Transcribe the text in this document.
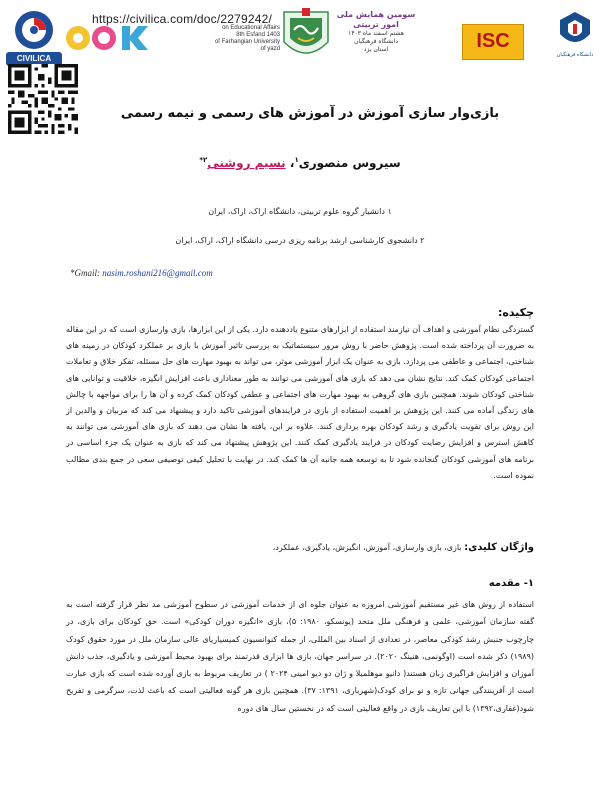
CIVILICA
https://civilica.com/doc/2279242/
on Educational Affairs
8th Esfand 1403
of Farhangian University
of yazd
سومین همایش ملی
امور تربیتی
هشتم اسفند ماه ۱۴۰۳
دانشگاه فرهنگیان
استان یزد	ISC
دانشگاه فرهنگیان
بازی‌وار سازی آموزش در آموزش های رسمی و نیمه رسمی
سیروس منصوری$^۱$، نسیم روشنی$^{۲*}$
۱ دانشیار گروه علوم تربیتی، دانشگاه اراک، اراک، ایران
۲ دانشجوی کارشناسی ارشد برنامه ریزی درسی دانشگاه اراک، اراک، ایران
*Gmail: nasim.roshani216@gmail.com
چکیده:
گستردگی نظام آموزشی و اهداف آن نیازمند استفاده از ابزارهای متنوع یاددهنده دارد. یکی از این ابزارها، بازی وارسازی است که در این مقاله به ضرورت آن پرداخته شده است. پژوهش حاضر با روش مرور سیستماتیک به بررسی تاثیر آموزش با بازی بر عملکرد کودکان در زمینه های شناختی، اجتماعی و عاطفی می پردازد. بازی به عنوان یک ابزار آموزشی موثر، می تواند به بهبود مهارت های حل مسئله، تفکر خلاق و تعاملات اجتماعی کودکان کمک کند. نتایج نشان می دهد که بازی های آموزشی می توانند به طور معناداری باعث افزایش انگیزه، خلاقیت و توانایی های شناختی کودکان شوند. همچنین بازی های گروهی به بهبود مهارت های اجتماعی و عطفی کودکان کمک کرده و آن ها را برای مواجهه با چالش های زندگی آماده می کنند. این پژوهش بر اهمیت استفاده از بازی در فرایندهای آموزشی تاکید دارد و پیشنهاد می کند که مربیان و والدین از این روش برای تقویت یادگیری و رشد کودکان بهره برداری کنند. علاوه بر این، یافته ها نشان می دهند که بازی های آموزشی می توانند به کاهش استرس و افزایش رضایت کودکان در فرایند یادگیری کمک کنند. این پژوهش پیشنهاد می کند که بازی به عنوان یک جزء اساسی در برنامه های آموزشی کودکان گنجانده شود تا به توسعه همه جانبه آن ها کمک کند. در نهایت با تحلیل کیفی توصیفی سعی در جمع بندی مطالب نموده است.
واژگان کلیدی: بازی، بازی وارسازی، آموزش، انگیزش، یادگیری، عملکرد،
۱- مقدمه
استفاده از روش های غیر مستقیم آموزشی امروزه به عنوان جلوه ای از خدمات آموزشی در سطوح آموزشی مد نظر قرار گرفته است به گفته سازمان آموزشی، علمی و فرهنگی ملل متحد (یونسکو، ۱۹۸۰: ۵)، بازی «انگیزه دوران کودکی» است. حق کودکان برای بازی، در چارچوب جنبش رشد کودکی معاصر، در تعدادی از اسناد بین المللی، از جمله کنوانسیون کمیسیاریای عالی سازمان ملل در مورد حقوق کودک (۱۹۸۹) ذکر شده است (اوگونمی، هنینگ ۲۰۲۰). در سراسر جهان، بازی ها ابزاری قدرتمند برای بهبود محیط آموزشی و یادگیری، جذب دانش آموزان و افزایش فراگیری زبان هستند( دانیو موهلمیلا و ژان دو دیو امینی ۲۰۲۴ ) در تعاریف مربوط به بازی آورده شده است که بازی عبارت است از آفرینندگی جهانی تازه و نو برای کودک(شهرباری، ۱۳۹۱: ۳۷). همچنین بازی هر گونه فعالیتی است که باعث لذت، سرگرمی و تفریح شود(غفاری،۱۳۹۲) با این تعاریف بازی در واقع فعالیتی است که در نخستین سال های دوره
